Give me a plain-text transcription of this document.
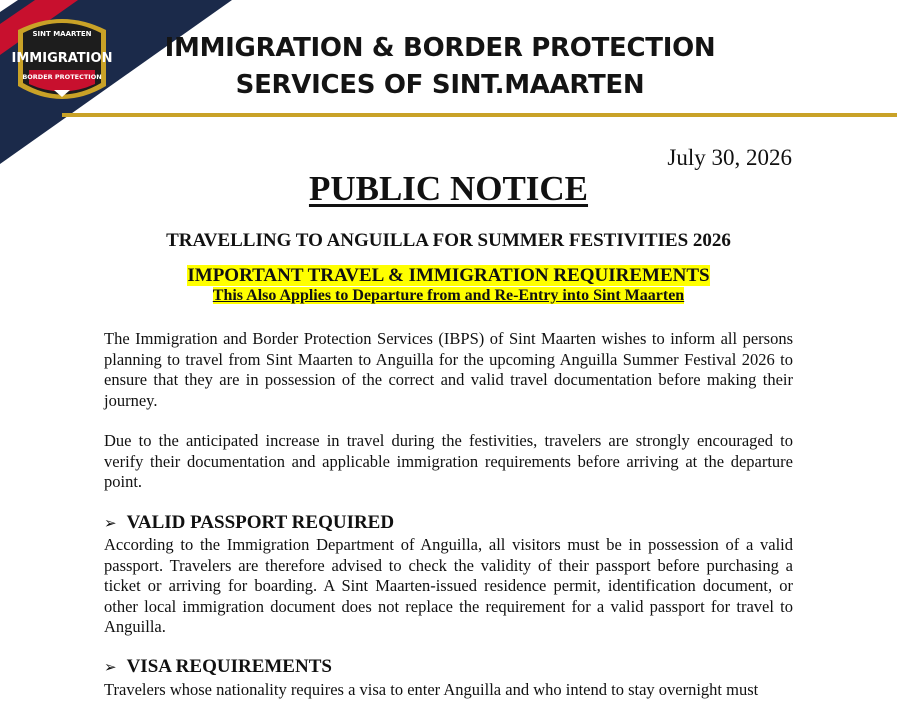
SINT MAARTEN
IMMIGRATION
BORDER PROTECTION
IMMIGRATION & BORDER PROTECTION
SERVICES OF SINT.MAARTEN
July 30, 2026
PUBLIC NOTICE
TRAVELLING TO ANGUILLA FOR SUMMER FESTIVITIES 2026
IMPORTANT TRAVEL & IMMIGRATION REQUIREMENTS
This Also Applies to Departure from and Re-Entry into Sint Maarten
The Immigration and Border Protection Services (IBPS) of Sint Maarten wishes to inform all persons planning to travel from Sint Maarten to Anguilla for the upcoming Anguilla Summer Festival 2026 to ensure that they are in possession of the correct and valid travel documentation before making their journey.
Due to the anticipated increase in travel during the festivities, travelers are strongly encouraged to verify their documentation and applicable immigration requirements before arriving at the departure point.
➢ VALID PASSPORT REQUIRED
According to the Immigration Department of Anguilla, all visitors must be in possession of a valid passport. Travelers are therefore advised to check the validity of their passport before purchasing a ticket or arriving for boarding. A Sint Maarten-issued residence permit, identification document, or other local immigration document does not replace the requirement for a valid passport for travel to Anguilla.
➢ VISA REQUIREMENTS
Travelers whose nationality requires a visa to enter Anguilla and who intend to stay overnight must
